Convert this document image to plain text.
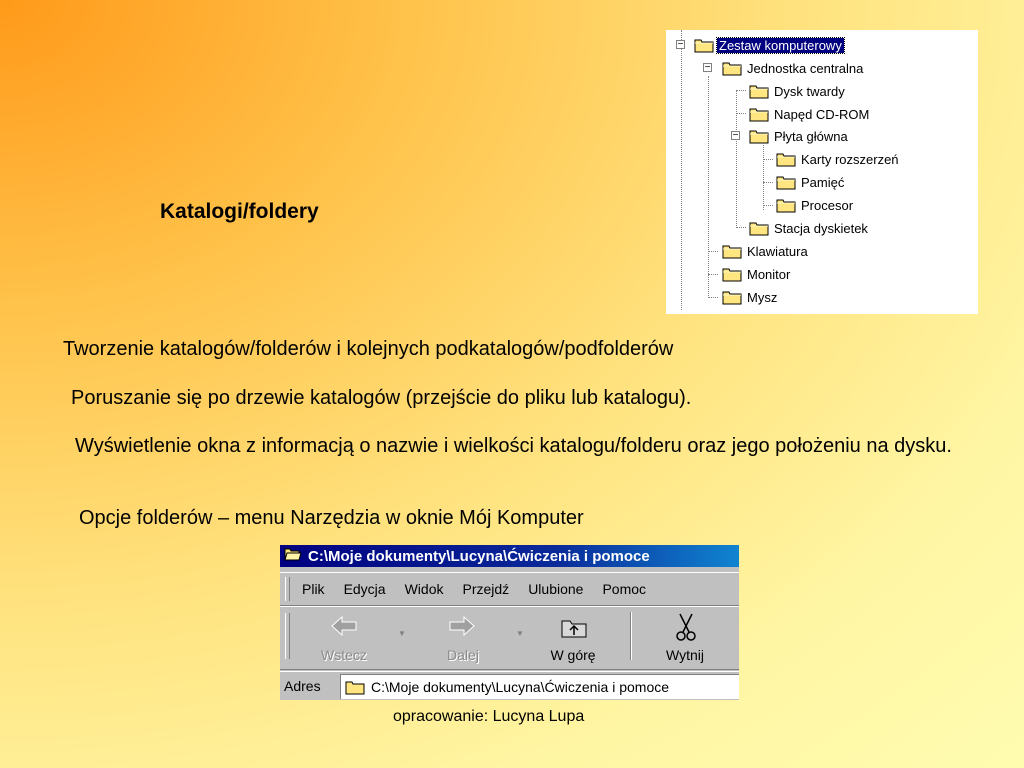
Katalogi/foldery
Tworzenie katalogów/folderów i kolejnych podkatalogów/podfolderów
Poruszanie się po drzewie katalogów (przejście do pliku lub katalogu).
Wyświetlenie okna z informacją o nazwie i wielkości katalogu/folderu oraz jego położeniu na dysku.
Opcje folderów – menu Narzędzia w oknie Mój Komputer
opracowanie: Lucyna Lupa
−
−
−
Zestaw komputerowy
Jednostka centralna
Dysk twardy
Napęd CD-ROM
Płyta główna
Karty rozszerzeń
Pamięć
Procesor
Stacja dyskietek
Klawiatura
Monitor
Mysz
C:\Moje dokumenty\Lucyna\Ćwiczenia i pomoce
Plik Edycja Widok Przejdź Ulubione Pomoc
Wstecz
▼
Dalej
▼
W górę	Wytnij
Adres	C:\Moje dokumenty\Lucyna\Ćwiczenia i pomoce
